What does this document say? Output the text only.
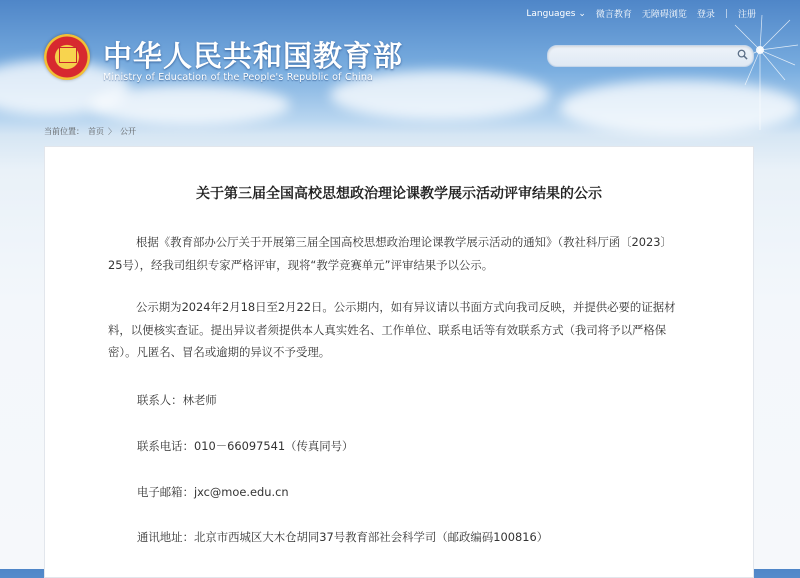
Languages ⌄ 微言教育 无障碍浏览 登录 | 注册
中华人民共和国教育部
Ministry of Education of the People's Republic of China
当前位置： 首页 〉 公开
关于第三届全国高校思想政治理论课教学展示活动评审结果的公示
根据《教育部办公厅关于开展第三届全国高校思想政治理论课教学展示活动的通知》（教社科厅函〔2023〕
25号），经我司组织专家严格评审，现将“教学竞赛单元”评审结果予以公示。
公示期为2024年2月18日至2月22日。公示期内，如有异议请以书面方式向我司反映，并提供必要的证据材
料，以便核实查证。提出异议者须提供本人真实姓名、工作单位、联系电话等有效联系方式（我司将予以严格保
密）。凡匿名、冒名或逾期的异议不予受理。
联系人：林老师
联系电话：010－66097541（传真同号）
电子邮箱：jxc@moe.edu.cn
通讯地址：北京市西城区大木仓胡同37号教育部社会科学司（邮政编码100816）
